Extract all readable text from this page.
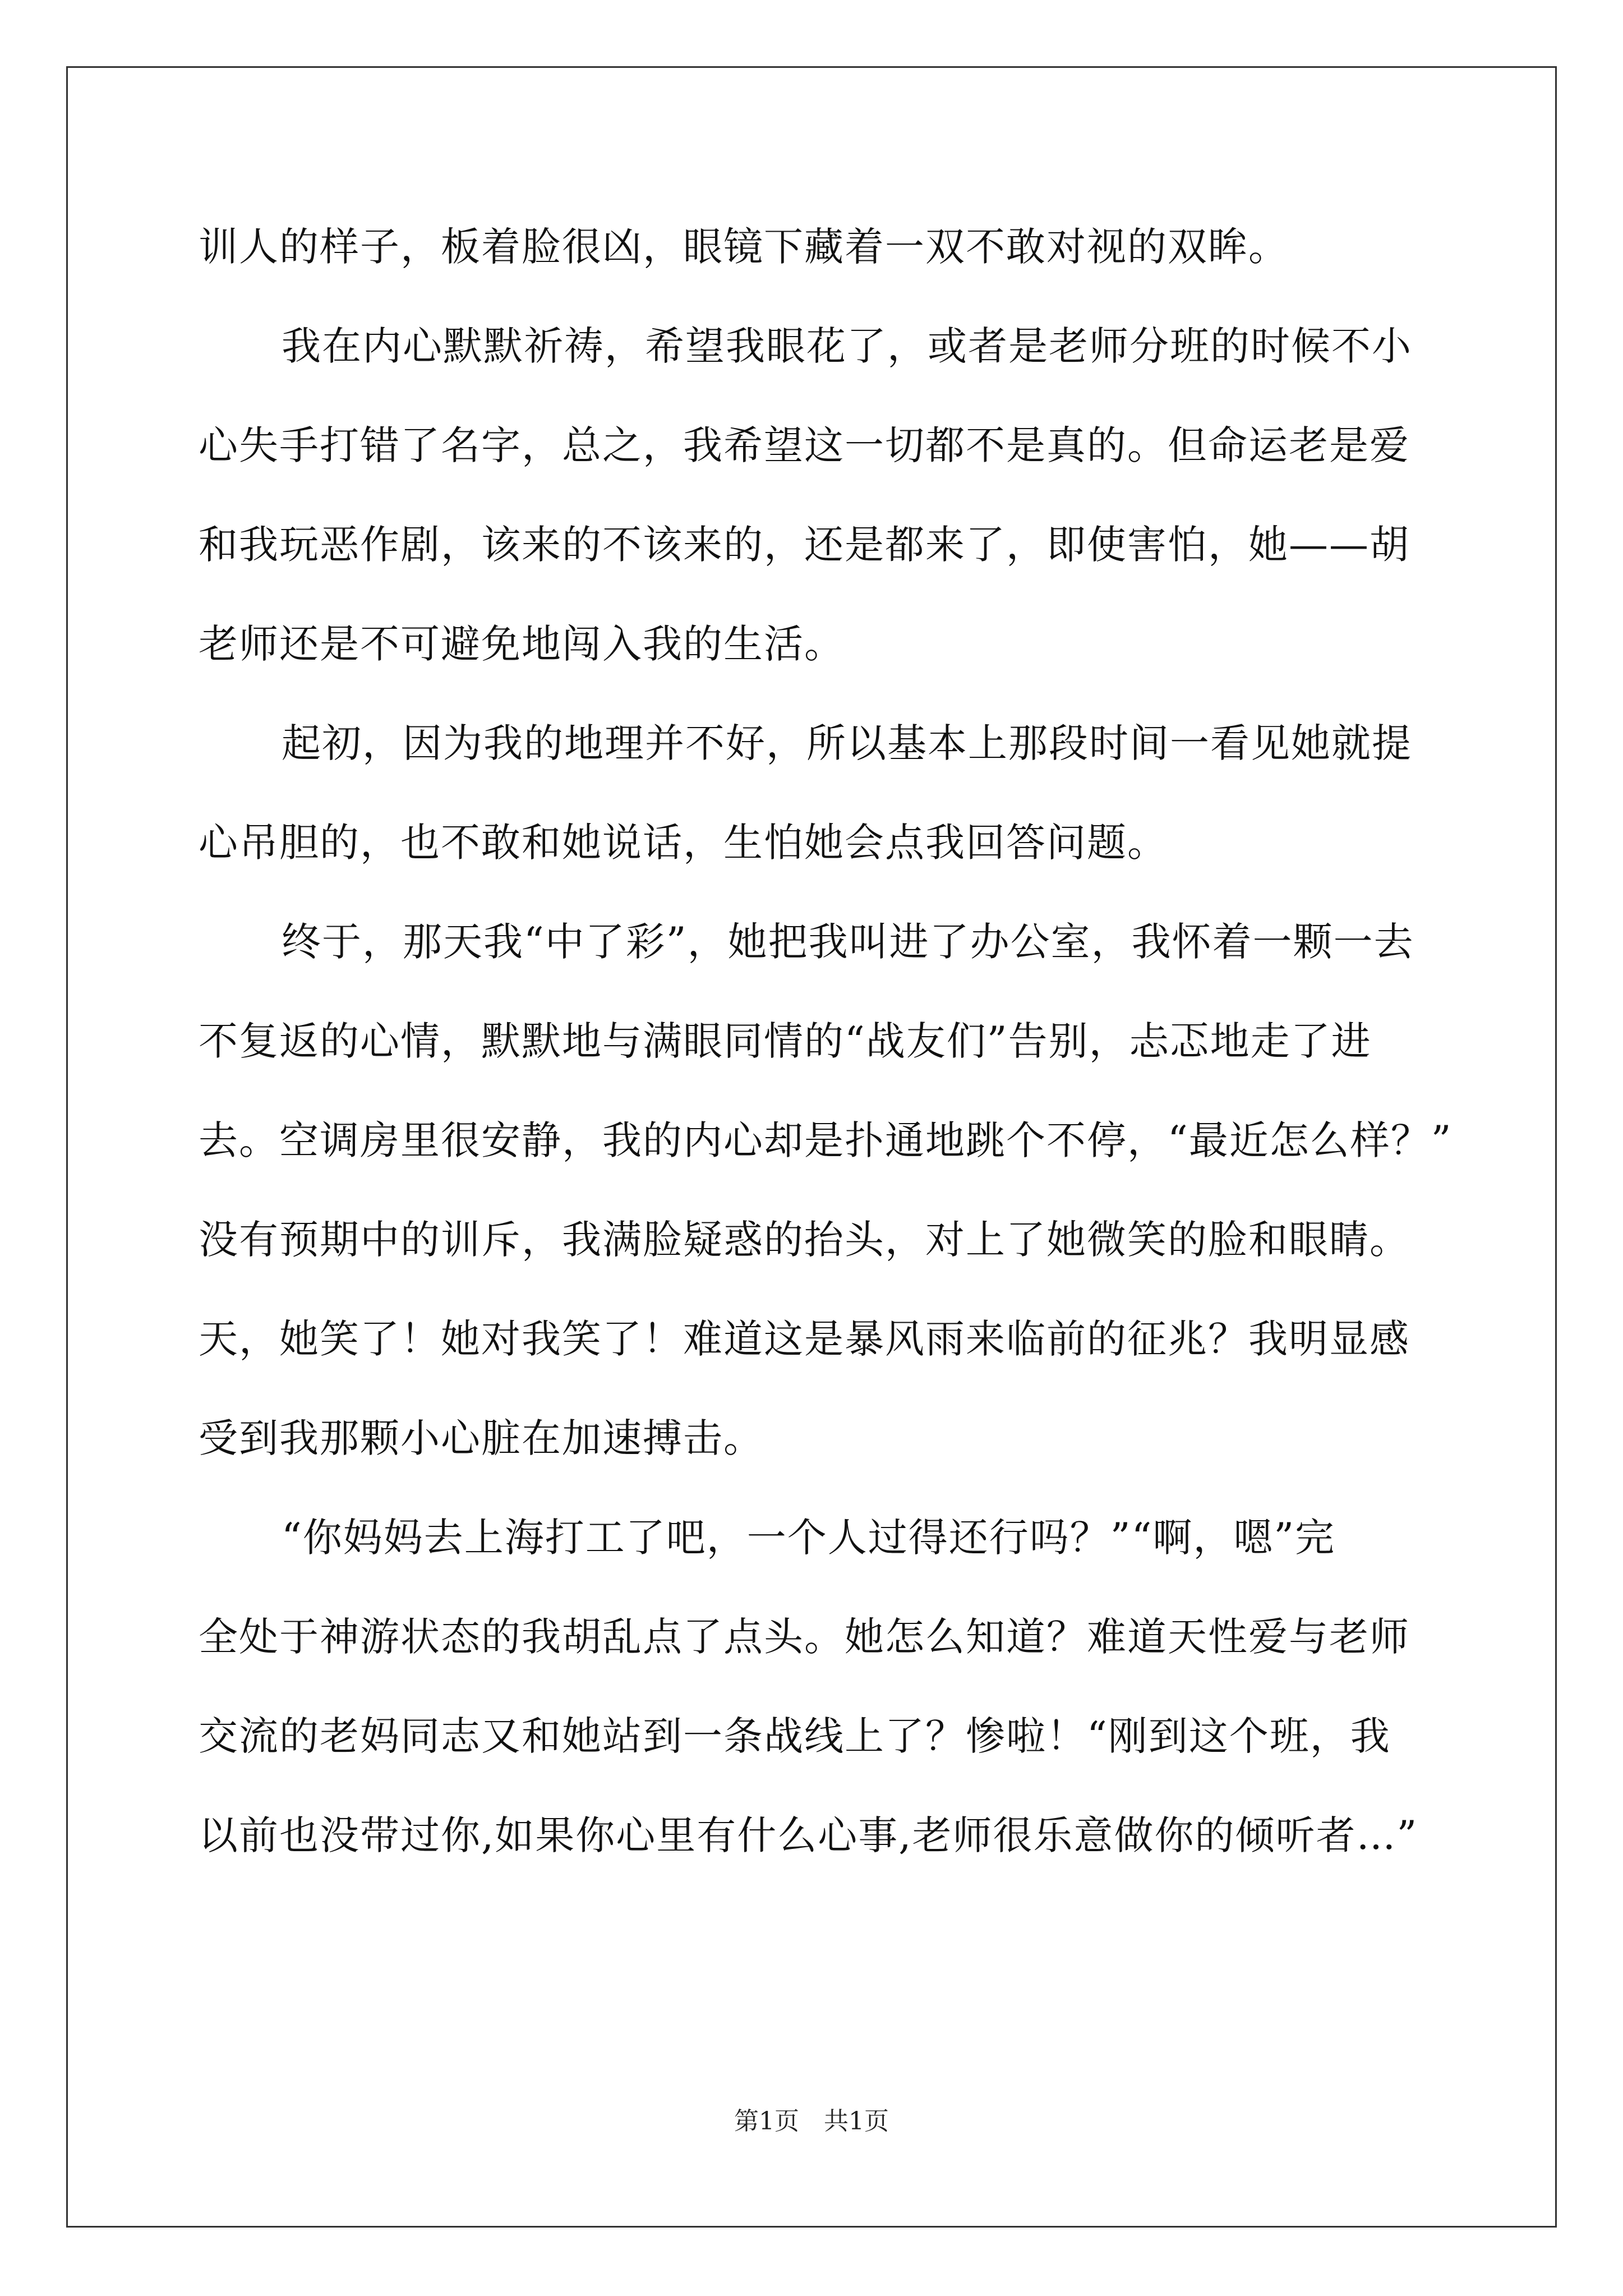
训人的样子，板着脸很凶，眼镜下藏着一双不敢对视的双眸。
我在内心默默祈祷，希望我眼花了，或者是老师分班的时候不小
心失手打错了名字，总之，我希望这一切都不是真的。但命运老是爱
和我玩恶作剧，该来的不该来的，还是都来了，即使害怕，她——胡
老师还是不可避免地闯入我的生活。
起初，因为我的地理并不好，所以基本上那段时间一看见她就提
心吊胆的，也不敢和她说话，生怕她会点我回答问题。
终于，那天我“中了彩”，她把我叫进了办公室，我怀着一颗一去
不复返的心情，默默地与满眼同情的“战友们”告别，忐忑地走了进
去。空调房里很安静，我的内心却是扑通地跳个不停，“最近怎么样？”
没有预期中的训斥，我满脸疑惑的抬头，对上了她微笑的脸和眼睛。
天，她笑了！她对我笑了！难道这是暴风雨来临前的征兆？我明显感
受到我那颗小心脏在加速搏击。
“你妈妈去上海打工了吧，一个人过得还行吗？”“啊，嗯”完
全处于神游状态的我胡乱点了点头。她怎么知道？难道天性爱与老师
交流的老妈同志又和她站到一条战线上了？惨啦！“刚到这个班，我
以前也没带过你,如果你心里有什么心事,老师很乐意做你的倾听者…”
第1页 共1页
